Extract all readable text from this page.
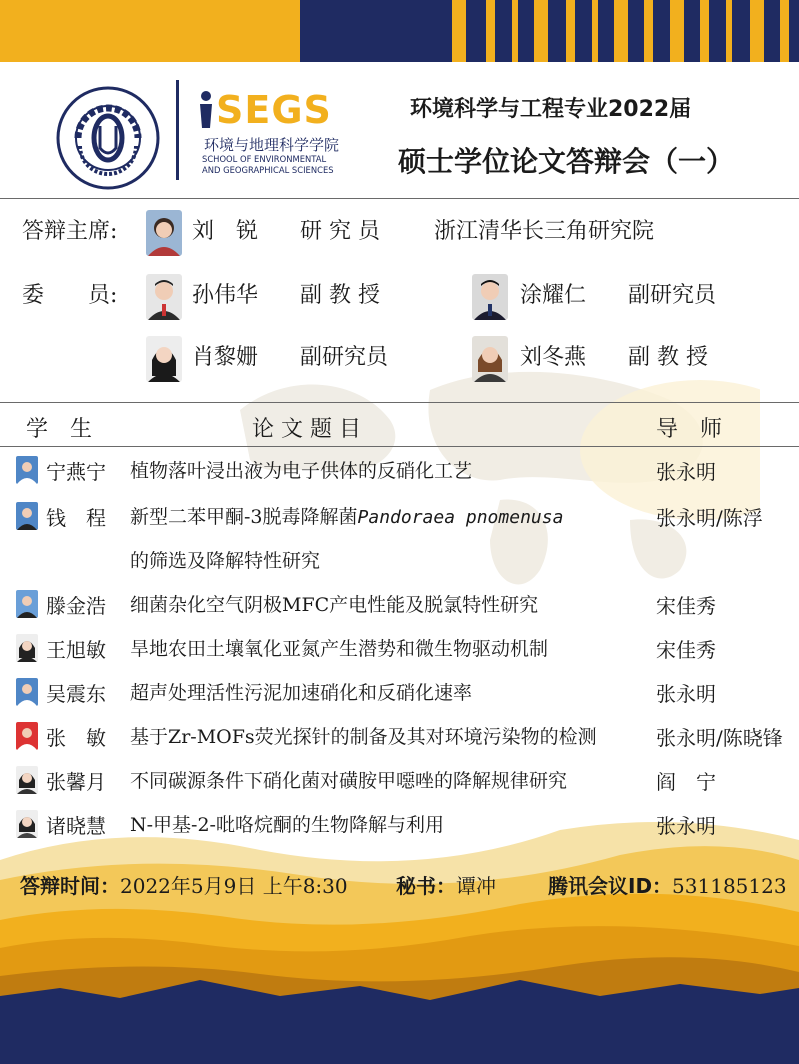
SEGS
环境与地理科学学院
SCHOOL OF ENVIRONMENTAL
AND GEOGRAPHICAL SCIENCES
环境科学与工程专业2022届
硕士学位论文答辩会（一）
答辩主席:	刘　锐 研 究 员 浙江清华长三角研究院
委　　员:	孙伟华 副 教 授	涂耀仁 副研究员
肖黎姗 副研究员	刘冬燕 副 教 授
学　生	论 文 题 目	导　师
宁燕宁 植物落叶浸出液为电子供体的反硝化工艺	张永明
钱　程 新型二苯甲酮-3脱毒降解菌Pandoraea pnomenusa	张永明/陈浮
的筛选及降解特性研究
滕金浩 细菌杂化空气阴极MFC产电性能及脱氯特性研究	宋佳秀
王旭敏 旱地农田土壤氧化亚氮产生潜势和微生物驱动机制	宋佳秀
吴震东 超声处理活性污泥加速硝化和反硝化速率	张永明
张　敏 基于Zr-MOFs荧光探针的制备及其对环境污染物的检测	张永明/陈晓锋
张馨月 不同碳源条件下硝化菌对磺胺甲噁唑的降解规律研究	阎　宁
诸晓慧 N-甲基-2-吡咯烷酮的生物降解与利用	张永明
答辩时间：2022年5月9日 上午8:30 秘书：谭冲	腾讯会议ID：531185123
